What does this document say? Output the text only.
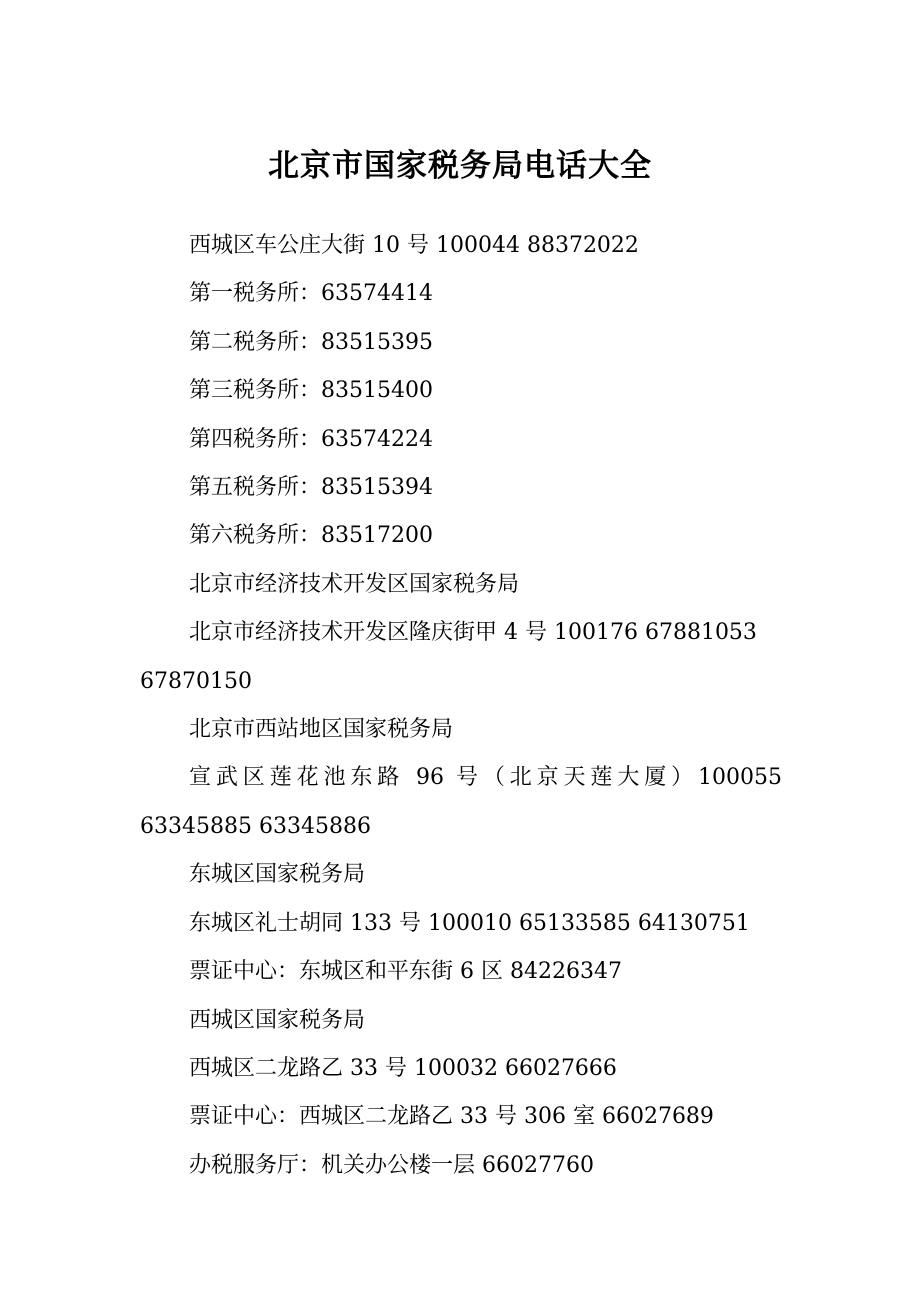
北京市国家税务局电话大全
西城区车公庄大街 10 号 100044 88372022
第一税务所：63574414
第二税务所：83515395
第三税务所：83515400
第四税务所：63574224
第五税务所：83515394
第六税务所：83517200
北京市经济技术开发区国家税务局
北京市经济技术开发区隆庆街甲 4 号 100176 67881053
67870150
北京市西站地区国家税务局
宣武区莲花池东路 96 号（北京天莲大厦）100055
63345885 63345886
东城区国家税务局
东城区礼士胡同 133 号 100010 65133585 64130751
票证中心：东城区和平东街 6 区 84226347
西城区国家税务局
西城区二龙路乙 33 号 100032 66027666
票证中心：西城区二龙路乙 33 号 306 室 66027689
办税服务厅：机关办公楼一层 66027760
